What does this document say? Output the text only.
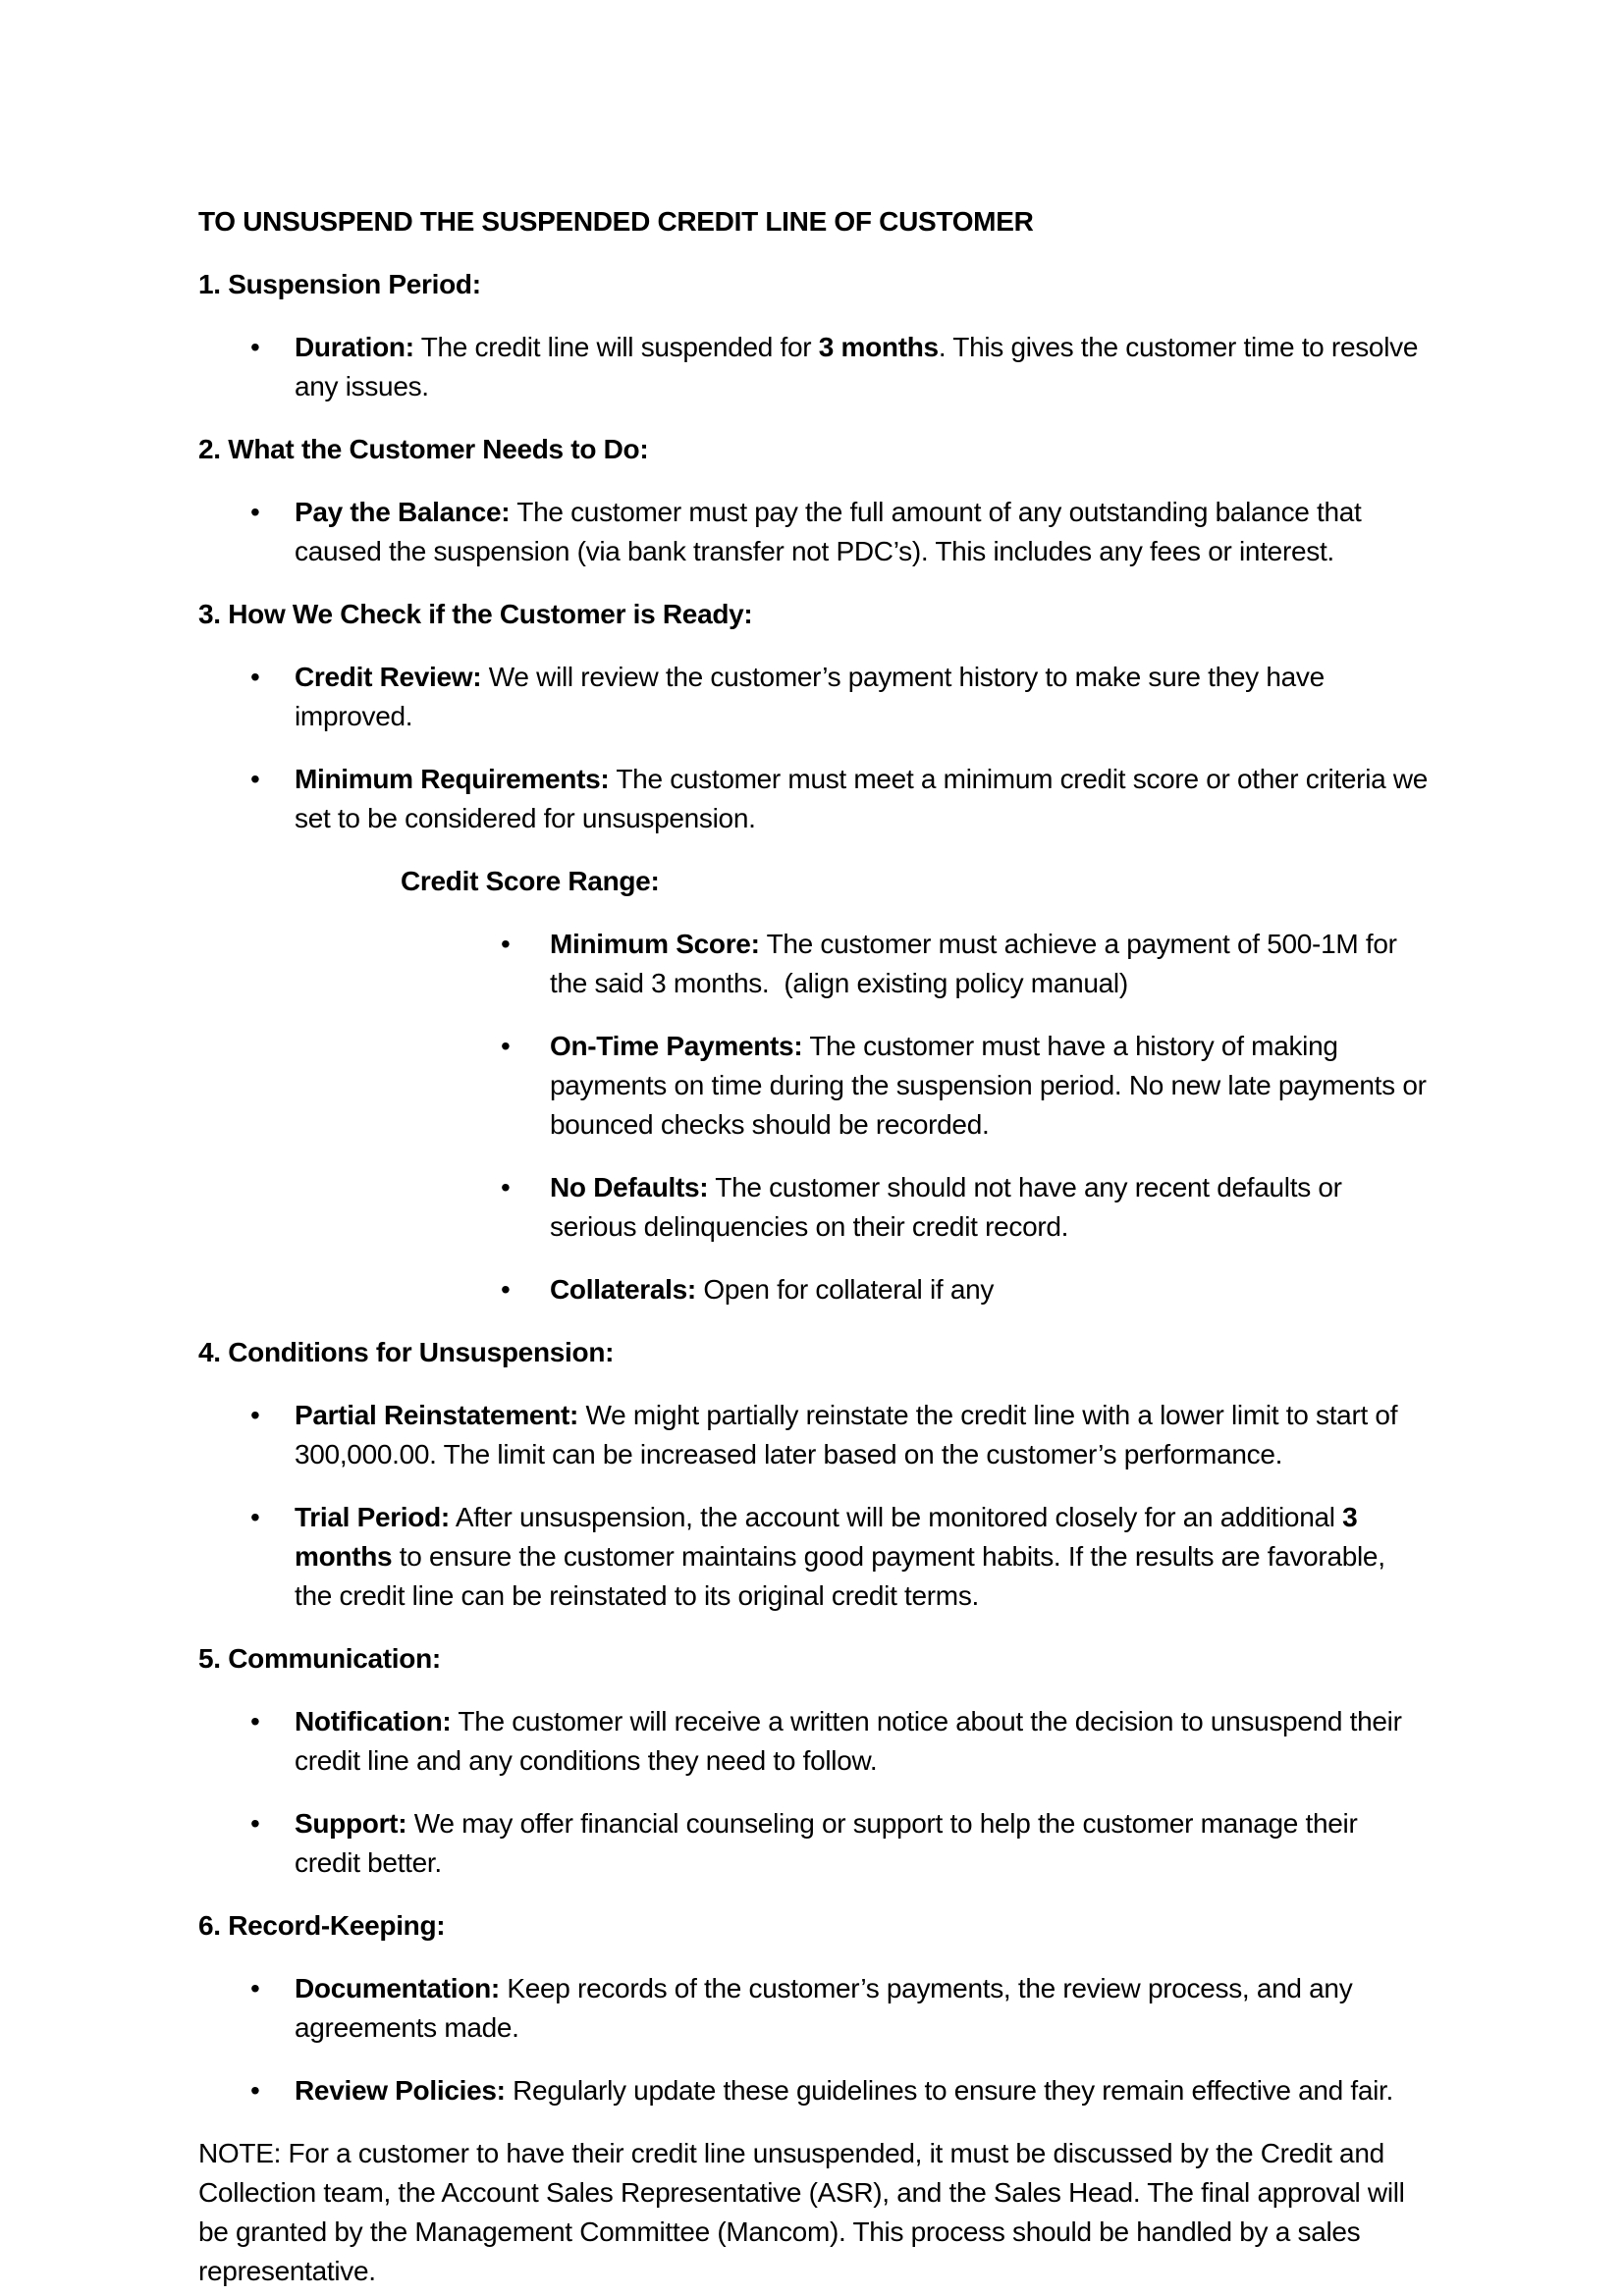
TO UNSUSPEND THE SUSPENDED CREDIT LINE OF CUSTOMER

1. Suspension Period:

•	Duration: The credit line will suspended for 3 months. This gives the customer time to resolve any issues.

2. What the Customer Needs to Do:

•	Pay the Balance: The customer must pay the full amount of any outstanding balance that caused the suspension (via bank transfer not PDC’s). This includes any fees or interest.

3. How We Check if the Customer is Ready:

•	Credit Review: We will review the customer’s payment history to make sure they have improved.
•	Minimum Requirements: The customer must meet a minimum credit score or other criteria we set to be considered for unsuspension.

Credit Score Range:

•	Minimum Score: The customer must achieve a payment of 500-1M for the said 3 months.  (align existing policy manual)
•	On-Time Payments: The customer must have a history of making payments on time during the suspension period. No new late payments or bounced checks should be recorded.
•	No Defaults: The customer should not have any recent defaults or serious delinquencies on their credit record.
•	Collaterals: Open for collateral if any

4. Conditions for Unsuspension:

•	Partial Reinstatement: We might partially reinstate the credit line with a lower limit to start of 300,000.00. The limit can be increased later based on the customer’s performance.
•	Trial Period: After unsuspension, the account will be monitored closely for an additional 3 months to ensure the customer maintains good payment habits. If the results are favorable, the credit line can be reinstated to its original credit terms.

5. Communication:

•	Notification: The customer will receive a written notice about the decision to unsuspend their credit line and any conditions they need to follow.
•	Support: We may offer financial counseling or support to help the customer manage their credit better.

6. Record-Keeping:

•	Documentation: Keep records of the customer’s payments, the review process, and any agreements made.
•	Review Policies: Regularly update these guidelines to ensure they remain effective and fair.

NOTE: For a customer to have their credit line unsuspended, it must be discussed by the Credit and Collection team, the Account Sales Representative (ASR), and the Sales Head. The final approval will be granted by the Management Committee (Mancom). This process should be handled by a sales representative.
